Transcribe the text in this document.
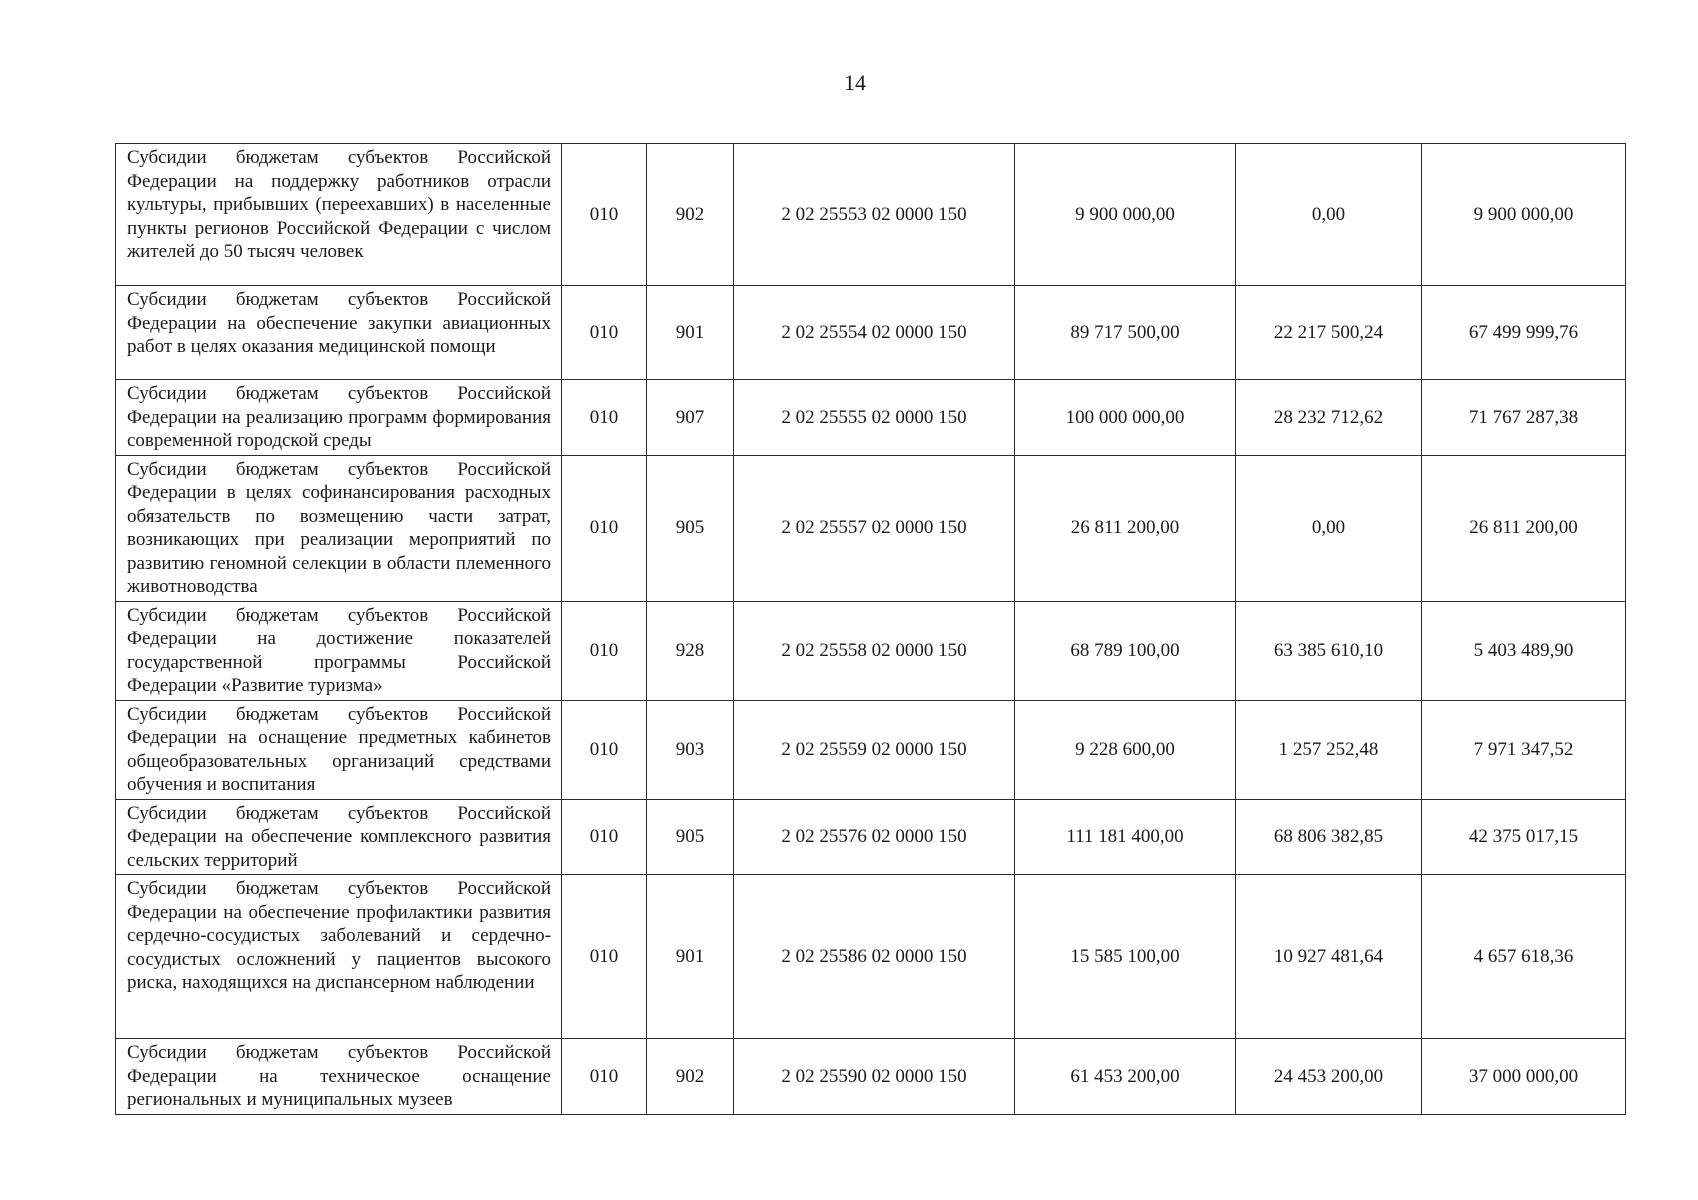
14
Субсидии бюджетам субъектов Российской Федерации на поддержку работников отрасли культуры, прибывших (переехавших) в населенные пункты регионов Российской Федерации с числом жителей до 50 тысяч человек	010	902	2 02 25553 02 0000 150	9 900 000,00	0,00	9 900 000,00
Субсидии бюджетам субъектов Российской Федерации на обеспечение закупки авиационных работ в целях оказания медицинской помощи	010	901	2 02 25554 02 0000 150	89 717 500,00	22 217 500,24	67 499 999,76
Субсидии бюджетам субъектов Российской Федерации на реализацию программ формирования современной городской среды	010	907	2 02 25555 02 0000 150	100 000 000,00	28 232 712,62	71 767 287,38
Субсидии бюджетам субъектов Российской Федерации в целях софинансирования расходных обязательств по возмещению части затрат, возникающих при реализации мероприятий по развитию геномной селекции в области племенного животноводства	010	905	2 02 25557 02 0000 150	26 811 200,00	0,00	26 811 200,00
Субсидии бюджетам субъектов Российской Федерации на достижение показателей государственной программы Российской Федерации «Развитие туризма»	010	928	2 02 25558 02 0000 150	68 789 100,00	63 385 610,10	5 403 489,90
Субсидии бюджетам субъектов Российской Федерации на оснащение предметных кабинетов общеобразовательных организаций средствами обучения и воспитания	010	903	2 02 25559 02 0000 150	9 228 600,00	1 257 252,48	7 971 347,52
Субсидии бюджетам субъектов Российской Федерации на обеспечение комплексного развития сельских территорий	010	905	2 02 25576 02 0000 150	111 181 400,00	68 806 382,85	42 375 017,15
Субсидии бюджетам субъектов Российской Федерации на обеспечение профилактики развития сердечно-сосудистых заболеваний и сердечно-сосудистых осложнений у пациентов высокого риска, находящихся на диспансерном наблюдении	010	901	2 02 25586 02 0000 150	15 585 100,00	10 927 481,64	4 657 618,36
Субсидии бюджетам субъектов Российской Федерации на техническое оснащение региональных и муниципальных музеев	010	902	2 02 25590 02 0000 150	61 453 200,00	24 453 200,00	37 000 000,00
